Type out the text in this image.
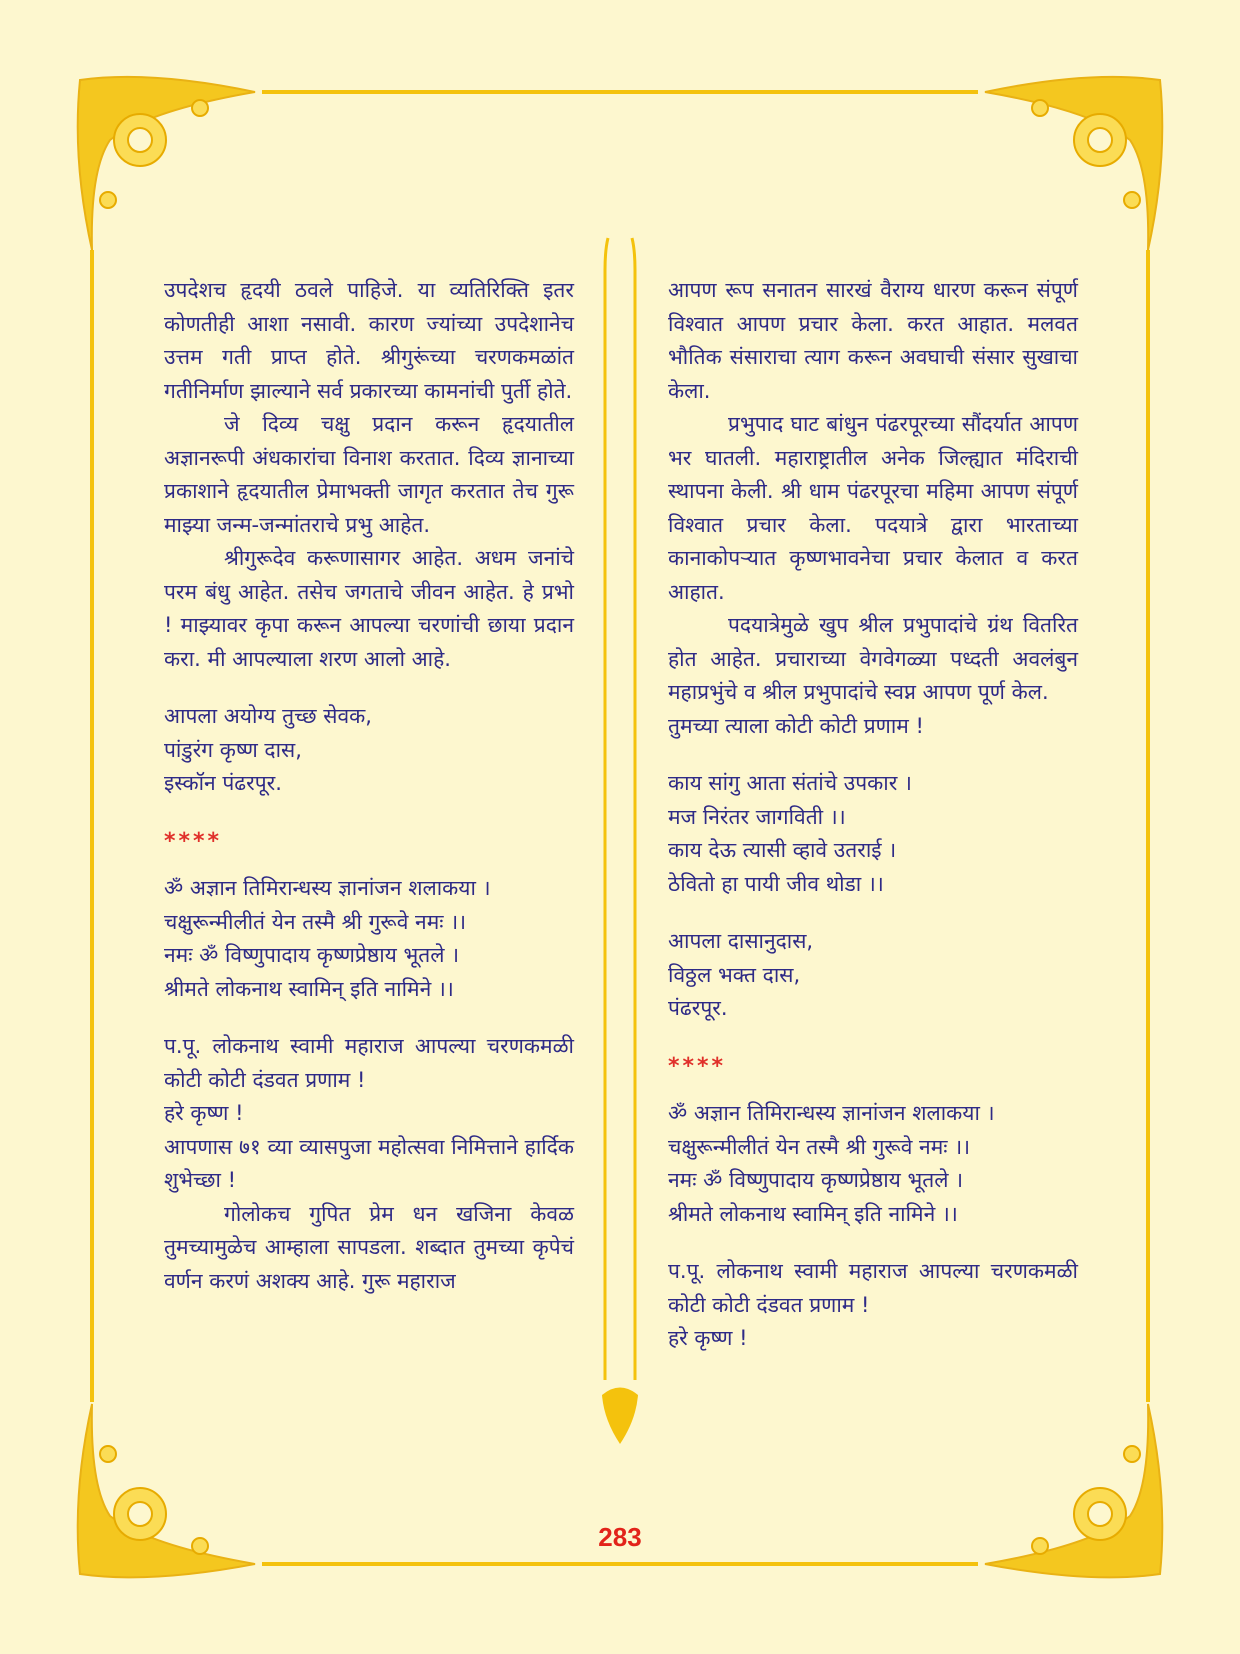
उपदेशच हृदयी ठवले पाहिजे. या व्यतिरिक्ति इतर कोणतीही आशा नसावी. कारण ज्यांच्या उपदेशानेच उत्तम गती प्राप्त होते. श्रीगुरूंच्या चरणकमळांत गतीनिर्माण झाल्याने सर्व प्रकारच्या कामनांची पुर्ती होते.

जे दिव्य चक्षु प्रदान करून हृदयातील अज्ञानरूपी अंधकारांचा विनाश करतात. दिव्य ज्ञानाच्या प्रकाशाने हृदयातील प्रेमाभक्ती जागृत करतात तेच गुरू माझ्या जन्म-जन्मांतराचे प्रभु आहेत.

श्रीगुरूदेव करूणासागर आहेत. अधम जनांचे परम बंधु आहेत. तसेच जगताचे जीवन आहेत. हे प्रभो ! माझ्यावर कृपा करून आपल्या चरणांची छाया प्रदान करा. मी आपल्याला शरण आलो आहे.

आपला अयोग्य तुच्छ सेवक,

पांडुरंग कृष्ण दास,

इस्कॉन पंढरपूर.

****

ॐ अज्ञान तिमिरान्धस्य ज्ञानांजन शलाकया ।

चक्षुरून्मीलीतं येन तस्मै श्री गुरूवे नमः ।।

नमः ॐ विष्णुपादाय कृष्णप्रेष्ठाय भूतले ।

श्रीमते लोकनाथ स्वामिन् इति नामिने ।।

प.पू. लोकनाथ स्वामी महाराज आपल्या चरणकमळी कोटी कोटी दंडवत प्रणाम !

हरे कृष्ण !

आपणास ७१ व्या व्यासपुजा महोत्सवा निमित्ताने हार्दिक शुभेच्छा !

गोलोकच गुपित प्रेम धन खजिना केवळ तुमच्यामुळेच आम्हाला सापडला. शब्दात तुमच्या कृपेचं वर्णन करणं अशक्य आहे. गुरू महाराज

आपण रूप सनातन सारखं वैराग्य धारण करून संपूर्ण विश्वात आपण प्रचार केला. करत आहात. मलवत भौतिक संसाराचा त्याग करून अवघाची संसार सुखाचा केला.

प्रभुपाद घाट बांधुन पंढरपूरच्या सौंदर्यात आपण भर घातली. महाराष्ट्रातील अनेक जिल्ह्यात मंदिराची स्थापना केली. श्री धाम पंढरपूरचा महिमा आपण संपूर्ण विश्वात प्रचार केला. पदयात्रे द्वारा भारताच्या कानाकोपऱ्यात कृष्णभावनेचा प्रचार केलात व करत आहात.

पदयात्रेमुळे खुप श्रील प्रभुपादांचे ग्रंथ वितरित होत आहेत. प्रचाराच्या वेगवेगळ्या पध्दती अवलंबुन महाप्रभुंचे व श्रील प्रभुपादांचे स्वप्न आपण पूर्ण केल.

तुमच्या त्याला कोटी कोटी प्रणाम !

काय सांगु आता संतांचे उपकार ।

मज निरंतर जागविती ।।

काय देऊ त्यासी व्हावे उतराई ।

ठेवितो हा पायी जीव थोडा ।।

आपला दासानुदास,

विठ्ठल भक्त दास,

पंढरपूर.

****

ॐ अज्ञान तिमिरान्धस्य ज्ञानांजन शलाकया ।

चक्षुरून्मीलीतं येन तस्मै श्री गुरूवे नमः ।।

नमः ॐ विष्णुपादाय कृष्णप्रेष्ठाय भूतले ।

श्रीमते लोकनाथ स्वामिन् इति नामिने ।।

प.पू. लोकनाथ स्वामी महाराज आपल्या चरणकमळी कोटी कोटी दंडवत प्रणाम !

हरे कृष्ण !

283
